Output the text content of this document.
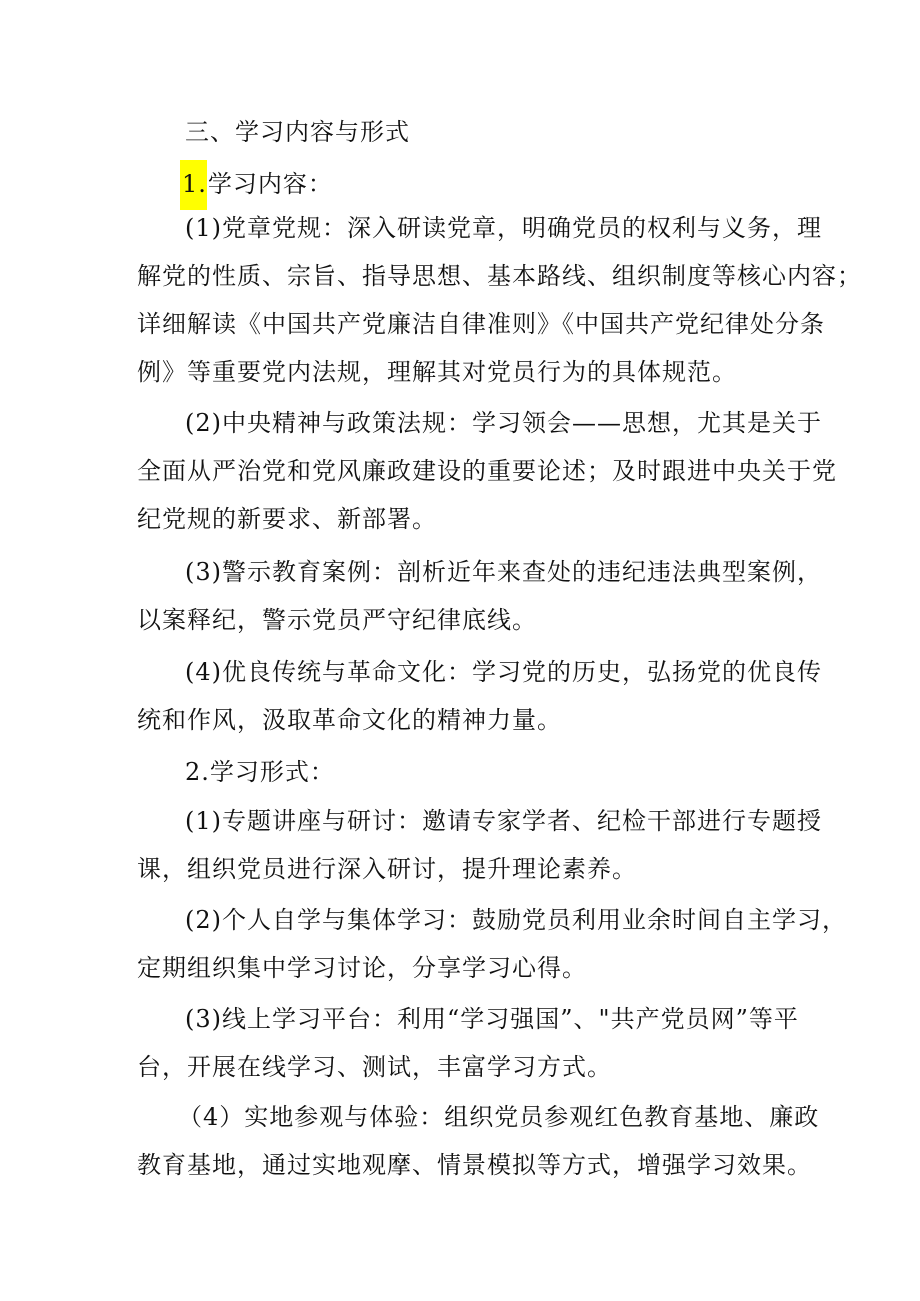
三、学习内容与形式
1.学习内容：
(1)党章党规：深入研读党章，明确党员的权利与义务，理
解党的性质、宗旨、指导思想、基本路线、组织制度等核心内容；
详细解读《中国共产党廉洁自律准则》《中国共产党纪律处分条
例》等重要党内法规，理解其对党员行为的具体规范。
(2)中央精神与政策法规：学习领会——思想，尤其是关于
全面从严治党和党风廉政建设的重要论述；及时跟进中央关于党
纪党规的新要求、新部署。
(3)警示教育案例：剖析近年来查处的违纪违法典型案例，
以案释纪，警示党员严守纪律底线。
(4)优良传统与革命文化：学习党的历史，弘扬党的优良传
统和作风，汲取革命文化的精神力量。
2.学习形式：
(1)专题讲座与研讨：邀请专家学者、纪检干部进行专题授
课，组织党员进行深入研讨，提升理论素养。
(2)个人自学与集体学习：鼓励党员利用业余时间自主学习，
定期组织集中学习讨论，分享学习心得。
(3)线上学习平台：利用“学习强国”、"共产党员网”等平
台，开展在线学习、测试，丰富学习方式。
（4）实地参观与体验：组织党员参观红色教育基地、廉政
教育基地，通过实地观摩、情景模拟等方式，增强学习效果。
